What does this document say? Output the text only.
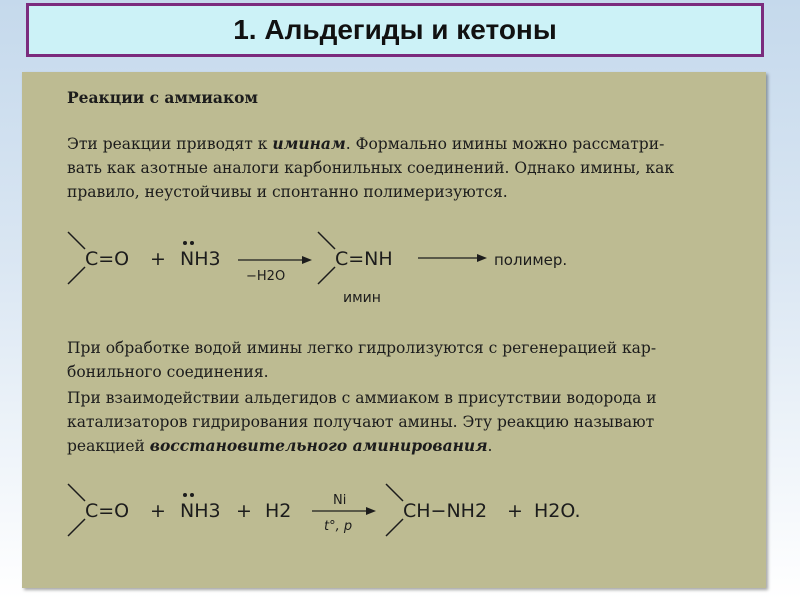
1. Альдегиды и кетоны
Реакции с аммиаком
Эти реакции приводят к иминам. Формально имины можно рассматри-
вать как азотные аналоги карбонильных соединений. Однако имины, как
правило, неустойчивы и спонтанно полимеризуются.
При обработке водой имины легко гидролизуются с регенерацией кар-
бонильного соединения.
При взаимодействии альдегидов с аммиаком в присутствии водорода и
катализаторов гидрирования получают амины. Эту реакцию называют
реакцией восстановительного аминирования.
C=O + NH3
−H2O
C=NH
имин
полимер.
C=O + NH3 + H2	Ni
t°, p
CH−NH2 + H2O.
